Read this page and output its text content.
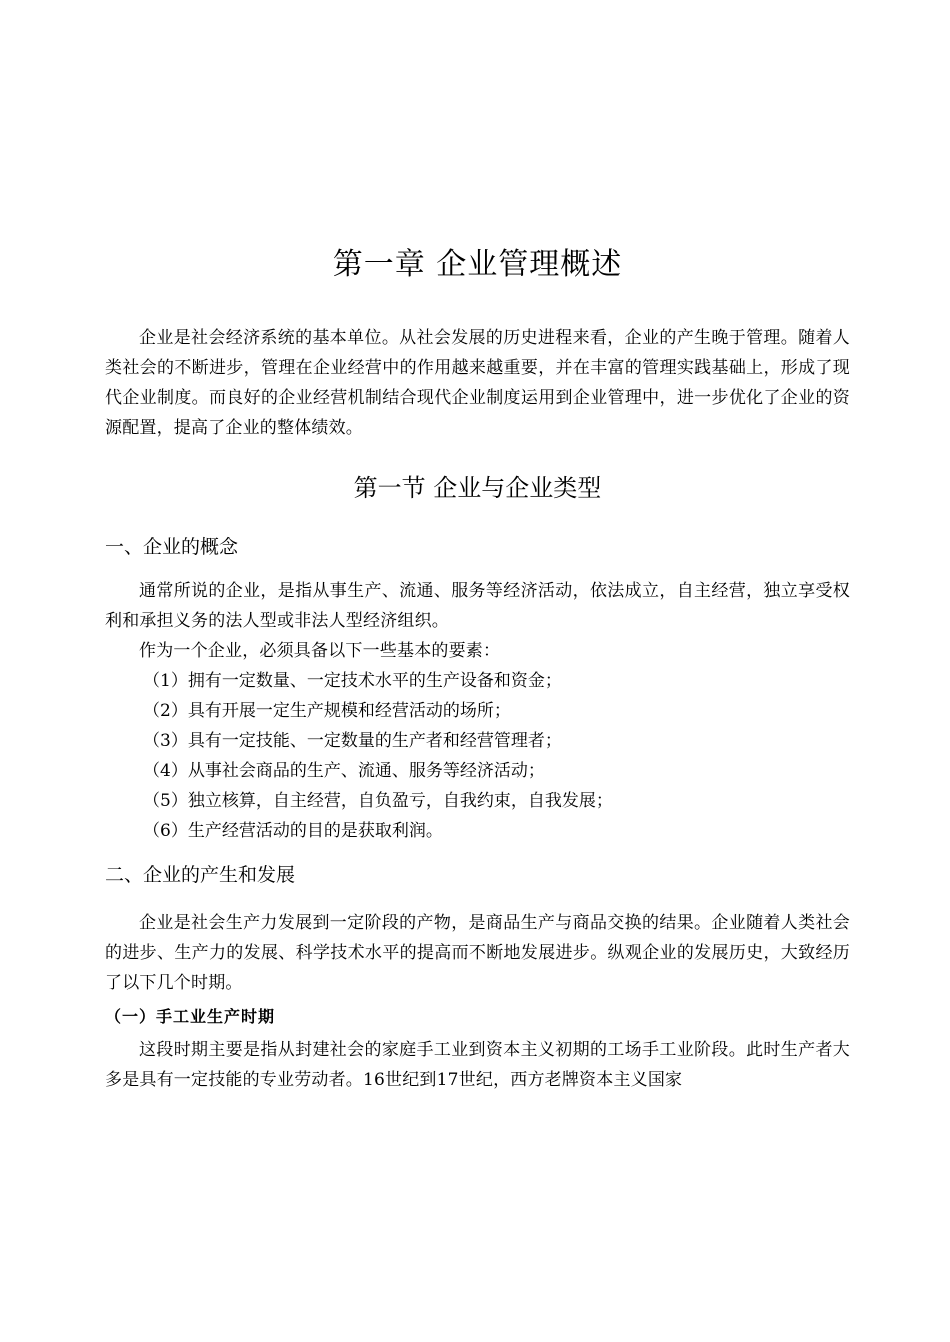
第一章 企业管理概述

企业是社会经济系统的基本单位。从社会发展的历史进程来看，企业的产生晚于管理。随着人类社会的不断进步，管理在企业经营中的作用越来越重要，并在丰富的管理实践基础上，形成了现代企业制度。而良好的企业经营机制结合现代企业制度运用到企业管理中，进一步优化了企业的资源配置，提高了企业的整体绩效。

第一节 企业与企业类型
一、企业的概念

通常所说的企业，是指从事生产、流通、服务等经济活动，依法成立，自主经营，独立享受权利和承担义务的法人型或非法人型经济组织。

作为一个企业，必须具备以下一些基本的要素：

（1）拥有一定数量、一定技术水平的生产设备和资金；

（2）具有开展一定生产规模和经营活动的场所；

（3）具有一定技能、一定数量的生产者和经营管理者；

（4）从事社会商品的生产、流通、服务等经济活动；

（5）独立核算，自主经营，自负盈亏，自我约束，自我发展；

（6）生产经营活动的目的是获取利润。

二、企业的产生和发展

企业是社会生产力发展到一定阶段的产物，是商品生产与商品交换的结果。企业随着人类社会的进步、生产力的发展、科学技术水平的提高而不断地发展进步。纵观企业的发展历史，大致经历了以下几个时期。

（一）手工业生产时期

这段时期主要是指从封建社会的家庭手工业到资本主义初期的工场手工业阶段。此时生产者大多是具有一定技能的专业劳动者。16世纪到17世纪，西方老牌资本主义国家
